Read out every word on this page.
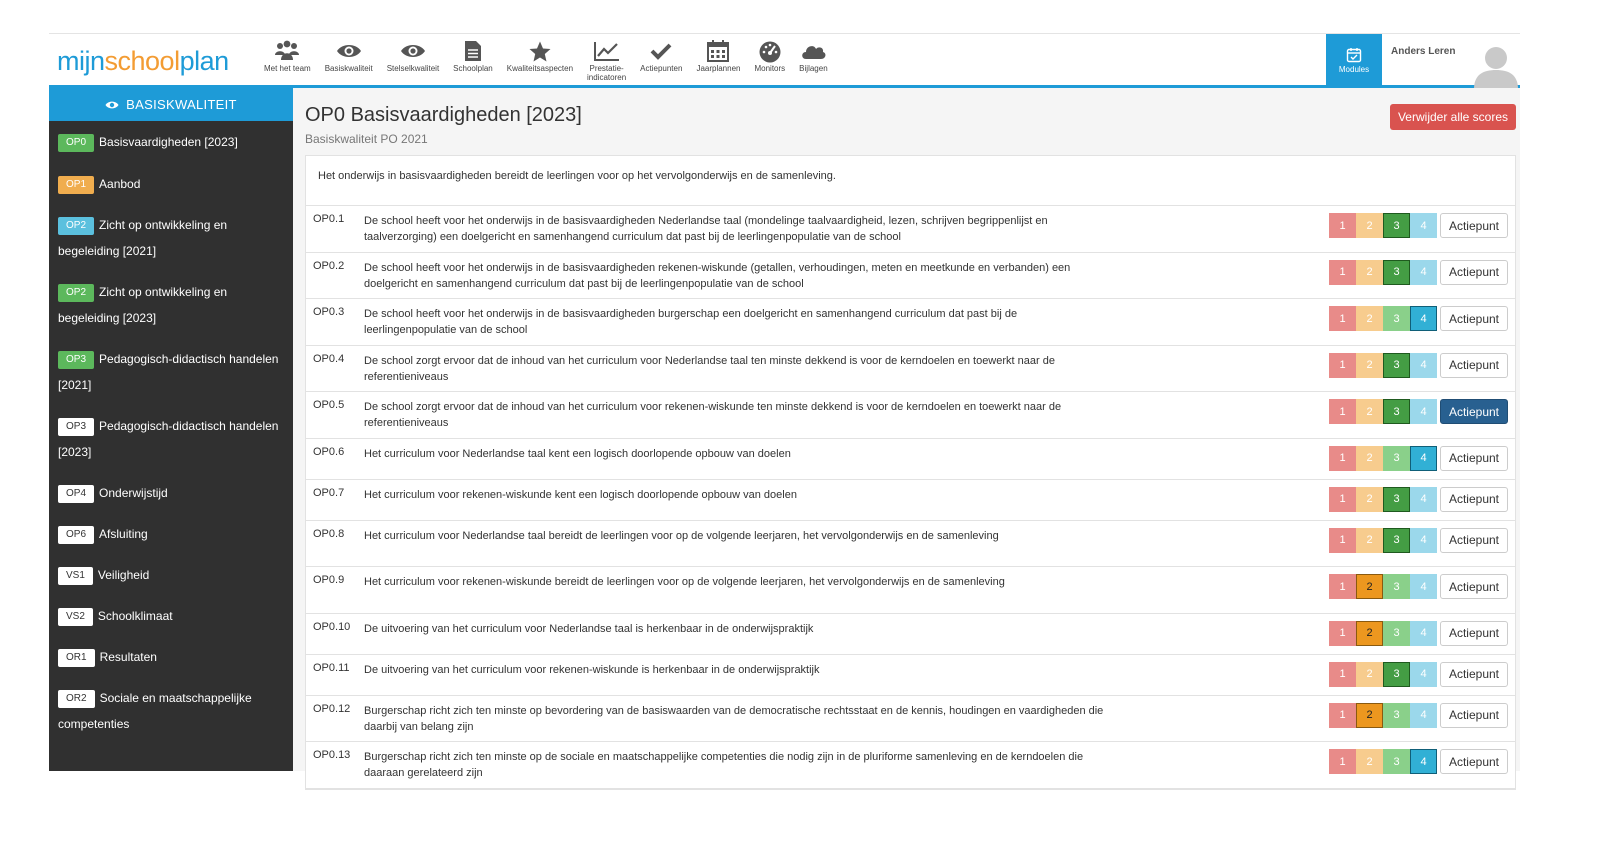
mijnschoolplan	Met het team Basiskwaliteit Stelselkwaliteit Schoolplan Kwaliteitsaspecten	Prestatie-
indicatoren
Actiepunten Jaarplannen Monitors Bijlagen	Modules
Anders Leren
BASISKWALITEIT
OP0 Basisvaardigheden [2023]
OP1 Aanbod
OP2 Zicht op ontwikkeling en begeleiding [2021]
OP2 Zicht op ontwikkeling en begeleiding [2023]
OP3 Pedagogisch-didactisch handelen [2021]
OP3 Pedagogisch-didactisch handelen [2023]
OP4 Onderwijstijd
OP6 Afsluiting
VS1 Veiligheid
VS2 Schoolklimaat
OR1 Resultaten
OR2 Sociale en maatschappelijke competenties
OP0 Basisvaardigheden [2023]
Basiskwaliteit PO 2021
Verwijder alle scores
Het onderwijs in basisvaardigheden bereidt de leerlingen voor op het vervolgonderwijs en de samenleving.
OP0.1 De school heeft voor het onderwijs in de basisvaardigheden Nederlandse taal (mondelinge taalvaardigheid, lezen, schrijven begrippenlijst en taalverzorging) een doelgericht en samenhangend curriculum dat past bij de leerlingenpopulatie van de school
1	2	3	4	Actiepunt
OP0.2 De school heeft voor het onderwijs in de basisvaardigheden rekenen-wiskunde (getallen, verhoudingen, meten en meetkunde en verbanden) een doelgericht en samenhangend curriculum dat past bij de leerlingenpopulatie van de school
1	2	3	4	Actiepunt
OP0.3 De school heeft voor het onderwijs in de basisvaardigheden burgerschap een doelgericht en samenhangend curriculum dat past bij de leerlingenpopulatie van de school
1	2	3	4	Actiepunt
OP0.4 De school zorgt ervoor dat de inhoud van het curriculum voor Nederlandse taal ten minste dekkend is voor de kerndoelen en toewerkt naar de referentieniveaus
1	2	3	4	Actiepunt
OP0.5 De school zorgt ervoor dat de inhoud van het curriculum voor rekenen-wiskunde ten minste dekkend is voor de kerndoelen en toewerkt naar de referentieniveaus
1	2	3	4	Actiepunt
OP0.6 Het curriculum voor Nederlandse taal kent een logisch doorlopende opbouw van doelen	1	2	3	4	Actiepunt
OP0.7 Het curriculum voor rekenen-wiskunde kent een logisch doorlopende opbouw van doelen	1	2	3	4	Actiepunt
OP0.8 Het curriculum voor Nederlandse taal bereidt de leerlingen voor op de volgende leerjaren, het vervolgonderwijs en de samenleving	1	2	3	4	Actiepunt
OP0.9 Het curriculum voor rekenen-wiskunde bereidt de leerlingen voor op de volgende leerjaren, het vervolgonderwijs en de samenleving	1	2	3	4	Actiepunt
OP0.10 De uitvoering van het curriculum voor Nederlandse taal is herkenbaar in de onderwijspraktijk	1	2	3	4	Actiepunt
OP0.11 De uitvoering van het curriculum voor rekenen-wiskunde is herkenbaar in de onderwijspraktijk	1	2	3	4	Actiepunt
OP0.12 Burgerschap richt zich ten minste op bevordering van de basiswaarden van de democratische rechtsstaat en de kennis, houdingen en vaardigheden die daarbij van belang zijn
1	2	3	4	Actiepunt
OP0.13 Burgerschap richt zich ten minste op de sociale en maatschappelijke competenties die nodig zijn in de pluriforme samenleving en de kerndoelen die daaraan gerelateerd zijn
1	2	3	4	Actiepunt
